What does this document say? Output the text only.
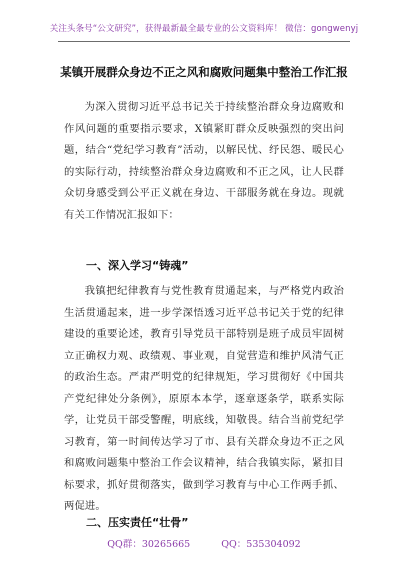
关注头条号“公文研究”，获得最新最全最专业的公文资料库！ 微信：gongwenyj
某镇开展群众身边不正之风和腐败问题集中整治工作汇报

为深入贯彻习近平总书记关于持续整治群众身边腐败和作风问题的重要指示要求，X镇紧盯群众反映强烈的突出问题，结合“党纪学习教育”活动，以解民忧、纾民怨、暖民心的实际行动，持续整治群众身边腐败和不正之风，让人民群众切身感受到公平正义就在身边、干部服务就在身边。现就有关工作情况汇报如下：

一、深入学习“铸魂”

我镇把纪律教育与党性教育贯通起来，与严格党内政治生活贯通起来，进一步学深悟透习近平总书记关于党的纪律建设的重要论述，教育引导党员干部特别是班子成员牢固树立正确权力观、政绩观、事业观，自觉营造和维护风清气正的政治生态。严肃严明党的纪律规矩，学习贯彻好《中国共产党纪律处分条例》，原原本本学，逐章逐条学，联系实际学，让党员干部受警醒，明底线，知敬畏。结合当前党纪学习教育，第一时间传达学习了市、县有关群众身边不正之风和腐败问题集中整治工作会议精神，结合我镇实际，紧扣目标要求，抓好贯彻落实，做到学习教育与中心工作两手抓、两促进。

二、压实责任“壮骨”
QQ群：30265665	QQ：535304092
